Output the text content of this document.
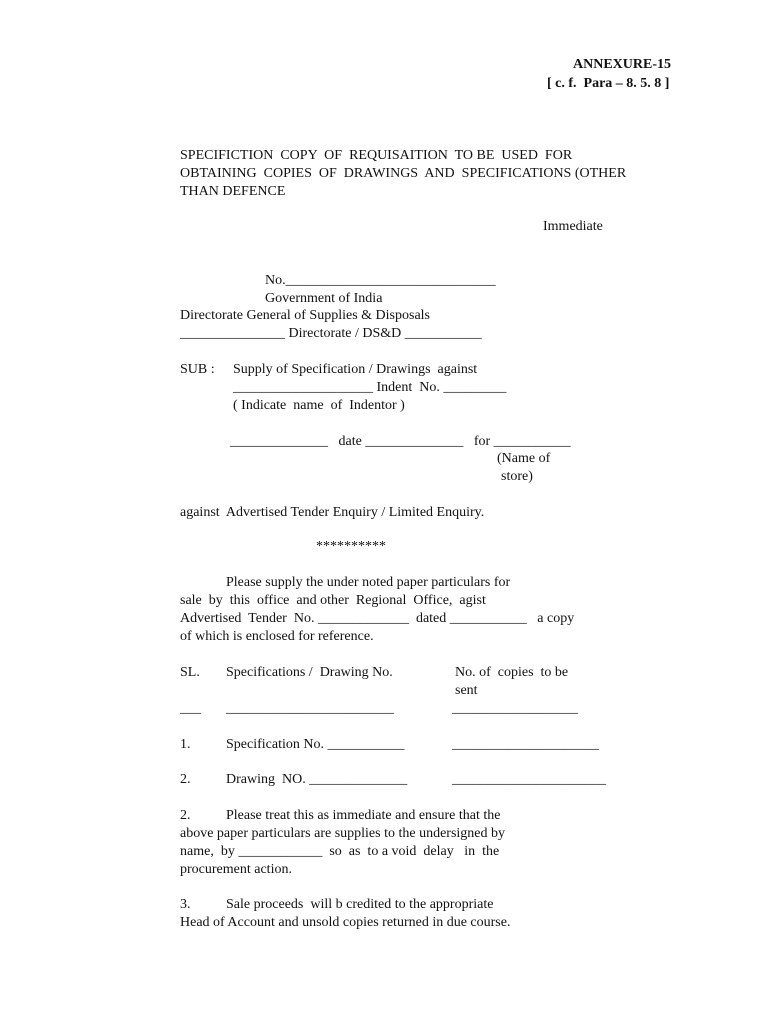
ANNEXURE-15
[ c. f.  Para – 8. 5. 8 ]
SPECIFICTION  COPY  OF  REQUISAITION  TO BE  USED  FOR
OBTAINING  COPIES  OF  DRAWINGS  AND  SPECIFICATIONS (OTHER
THAN DEFENCE
Immediate
No.______________________________
Government of India
Directorate General of Supplies & Disposals
_______________ Directorate / DS&D ___________
SUB : Supply of Specification / Drawings  against
____________________ Indent  No. _________
( Indicate  name  of  Indentor )
______________   date ______________   for ___________
(Name of
store)
against  Advertised Tender Enquiry / Limited Enquiry.
**********
Please supply the under noted paper particulars for
sale  by  this  office  and other  Regional  Office,  agist
Advertised  Tender  No. _____________  dated ___________   a copy
of which is enclosed for reference.
SL. Specifications /  Drawing No.	No. of  copies  to be
sent
___ ________________________	__________________
1.	Specification No. ___________	_____________________
2.	Drawing  NO. ______________	______________________
2.	Please treat this as immediate and ensure that the
above paper particulars are supplies to the undersigned by
name,  by ____________  so  as  to a void  delay   in  the
procurement action.
3.	Sale proceeds  will b credited to the appropriate
Head of Account and unsold copies returned in due course.
